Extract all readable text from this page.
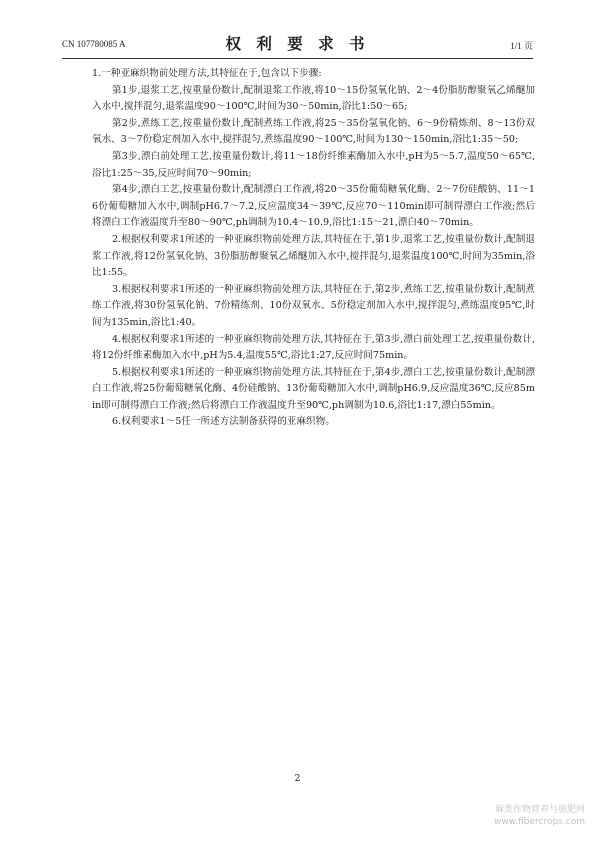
CN 107780085 A	权 利 要 求 书	1/1 页

1.一种亚麻织物前处理方法,其特征在于,包含以下步骤:

第1步,退浆工艺,按重量份数计,配制退浆工作液,将10～15份氢氧化钠、2～4份脂肪醇聚氧乙烯醚加入水中,搅拌混匀,退浆温度90～100℃,时间为30～50min,浴比1:50～65;

第2步,煮练工艺,按重量份数计,配制煮练工作液,将25～35份氢氧化钠、6～9份精炼剂、8～13份双氧水、3～7份稳定剂加入水中,搅拌混匀,煮练温度90～100℃,时间为130～150min,浴比1:35～50;

第3步,漂白前处理工艺,按重量份数计,将11～18份纤维素酶加入水中,pH为5～5.7,温度50～65℃,浴比1:25～35,反应时间70～90min;

第4步,漂白工艺,按重量份数计,配制漂白工作液,将20～35份葡萄糖氧化酶、2～7份硅酸钠、11～16份葡萄糖加入水中,调制pH6.7～7.2,反应温度34～39℃,反应70～110min即可制得漂白工作液;然后将漂白工作液温度升至80～90℃,ph调制为10.4～10.9,浴比1:15～21,漂白40～70min。

2.根据权利要求1所述的一种亚麻织物前处理方法,其特征在于,第1步,退浆工艺,按重量份数计,配制退浆工作液,将12份氢氧化钠、3份脂肪醇聚氧乙烯醚加入水中,搅拌混匀,退浆温度100℃,时间为35min,浴比1:55。

3.根据权利要求1所述的一种亚麻织物前处理方法,其特征在于,第2步,煮练工艺,按重量份数计,配制煮练工作液,将30份氢氧化钠、7份精练剂、10份双氧水、5份稳定剂加入水中,搅拌混匀,煮练温度95℃,时间为135min,浴比1:40。

4.根据权利要求1所述的一种亚麻织物前处理方法,其特征在于,第3步,漂白前处理工艺,按重量份数计,将12份纤维素酶加入水中,pH为5.4,温度55℃,浴比1:27,反应时间75min。

5.根据权利要求1所述的一种亚麻织物前处理方法,其特征在于,第4步,漂白工艺,按重量份数计,配制漂白工作液,将25份葡萄糖氧化酶、4份硅酸钠、13份葡萄糖加入水中,调制pH6.9,反应温度36℃,反应85min即可制得漂白工作液;然后将漂白工作液温度升至90℃,ph调制为10.6,浴比1:17,漂白55min。

6.权利要求1～5任一所述方法制备获得的亚麻织物。

2
麻类作物营养与施肥网
www.fibercrops.com
